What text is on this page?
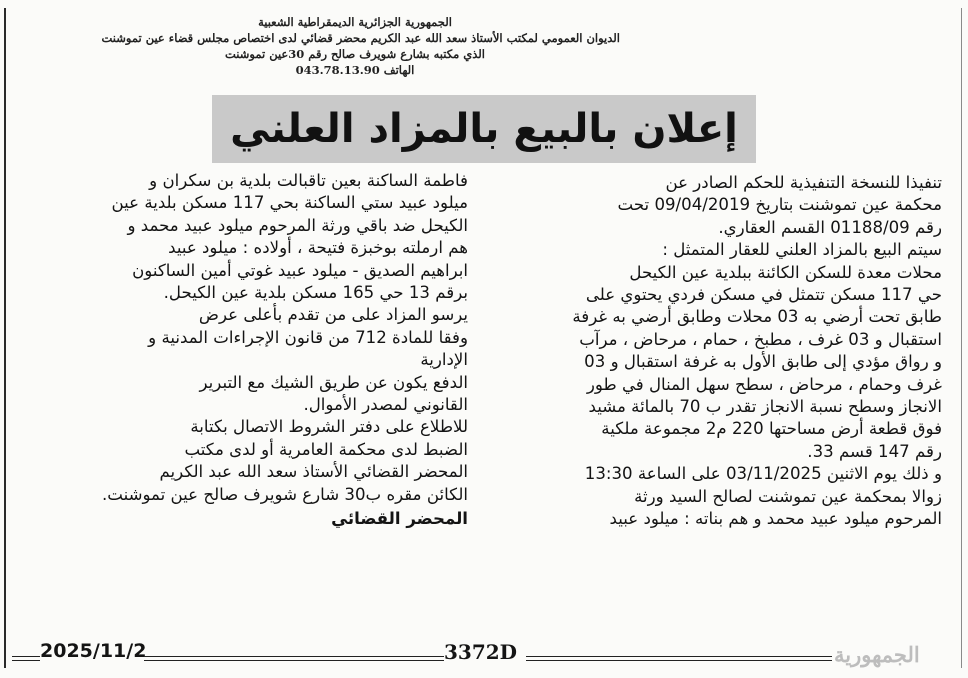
الجمهورية الجزائرية الديمقراطية الشعبية
الديوان العمومي لمكتب الأستاذ سعد الله عبد الكريم محضر قضائي لدى اختصاص مجلس قضاء عين تموشنت
الذي مكتبه بشارع شويرف صالح رقم 30عين تموشنت
الهاتف 043.78.13.90
إعلان بالبيع بالمزاد العلني
تنفيذا للنسخة التنفيذية للحكم الصادر عن
محكمة عين تموشنت بتاريخ 09/04/2019 تحت
رقم 01188/09 القسم العقاري.
سيتم البيع بالمزاد العلني للعقار المتمثل :
محلات معدة للسكن الكائنة ببلدية عين الكيحل
حي 117 مسكن تتمثل في مسكن فردي يحتوي على
طابق تحت أرضي به 03 محلات وطابق أرضي به غرفة
استقبال و 03 غرف ، مطبخ ، حمام ، مرحاض ، مرآب
و رواق مؤدي إلى طابق الأول به غرفة استقبال و 03
غرف وحمام ، مرحاض ، سطح سهل المنال في طور
الانجاز وسطح نسبة الانجاز تقدر ب 70 بالمائة مشيد
فوق قطعة أرض مساحتها 220 م2 مجموعة ملكية
رقم 147 قسم 33.
و ذلك يوم الاثنين 03/11/2025 على الساعة 13:30
زوالا بمحكمة عين تموشنت لصالح السيد ورثة
المرحوم ميلود عبيد محمد و هم بناته : ميلود عبيد
فاطمة الساكنة بعين تاقبالت بلدية بن سكران و
ميلود عبيد ستي الساكنة بحي 117 مسكن بلدية عين
الكيحل ضد باقي ورثة المرحوم ميلود عبيد محمد و
هم ارملته بوخبزة فتيحة ، أولاده : ميلود عبيد
ابراهيم الصديق - ميلود عبيد غوتي أمين الساكنون
برقم 13 حي 165 مسكن بلدية عين الكيحل.
يرسو المزاد على من تقدم بأعلى عرض
وفقا للمادة 712 من قانون الإجراءات المدنية و
الإدارية
الدفع يكون عن طريق الشيك مع التبرير
القانوني لمصدر الأموال.
للاطلاع على دفتر الشروط الاتصال بكتابة
الضبط لدى محكمة العامرية أو لدى مكتب
المحضر القضائي الأستاذ سعد الله عبد الكريم
الكائن مقره ب30 شارع شويرف صالح عين تموشنت.
المحضر القضائي
2025/11/2	3372D	الجمهورية
